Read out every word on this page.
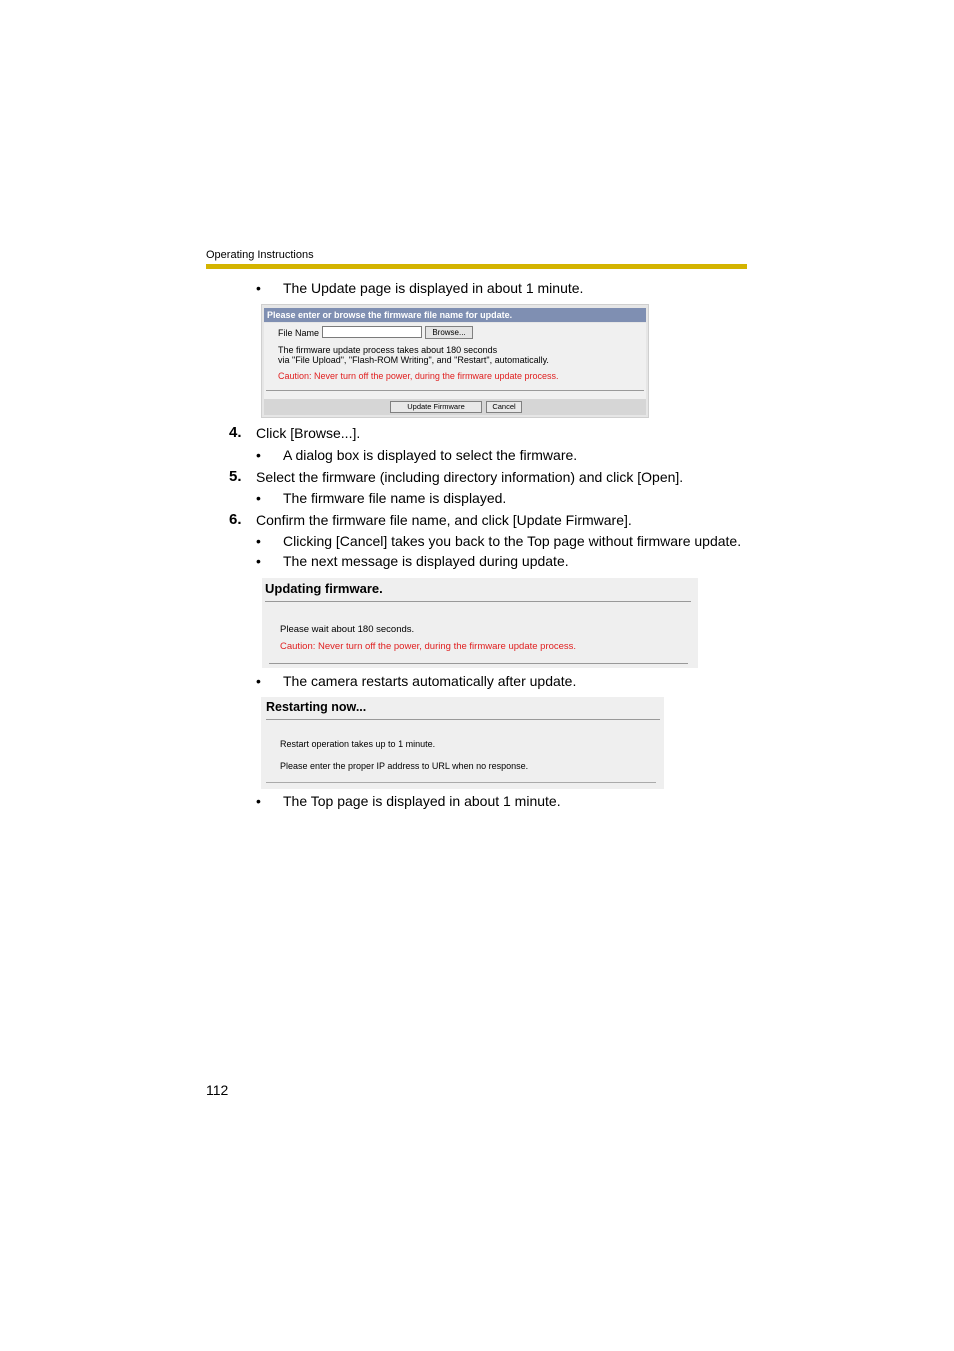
Operating Instructions
• The Update page is displayed in about 1 minute.
Please enter or browse the firmware file name for update.
File Name	Browse...
The firmware update process takes about 180 seconds
via "File Upload", "Flash-ROM Writing", and "Restart", automatically.
Caution: Never turn off the power, during the firmware update process.
Update Firmware	Cancel
4. Click [Browse...].
• A dialog box is displayed to select the firmware.
5. Select the firmware (including directory information) and click [Open].
• The firmware file name is displayed.
6. Confirm the firmware file name, and click [Update Firmware].
• Clicking [Cancel] takes you back to the Top page without firmware update.
• The next message is displayed during update.
Updating firmware.
Please wait about 180 seconds.
Caution: Never turn off the power, during the firmware update process.
• The camera restarts automatically after update.
Restarting now...
Restart operation takes up to 1 minute.
Please enter the proper IP address to URL when no response.
• The Top page is displayed in about 1 minute.
112
